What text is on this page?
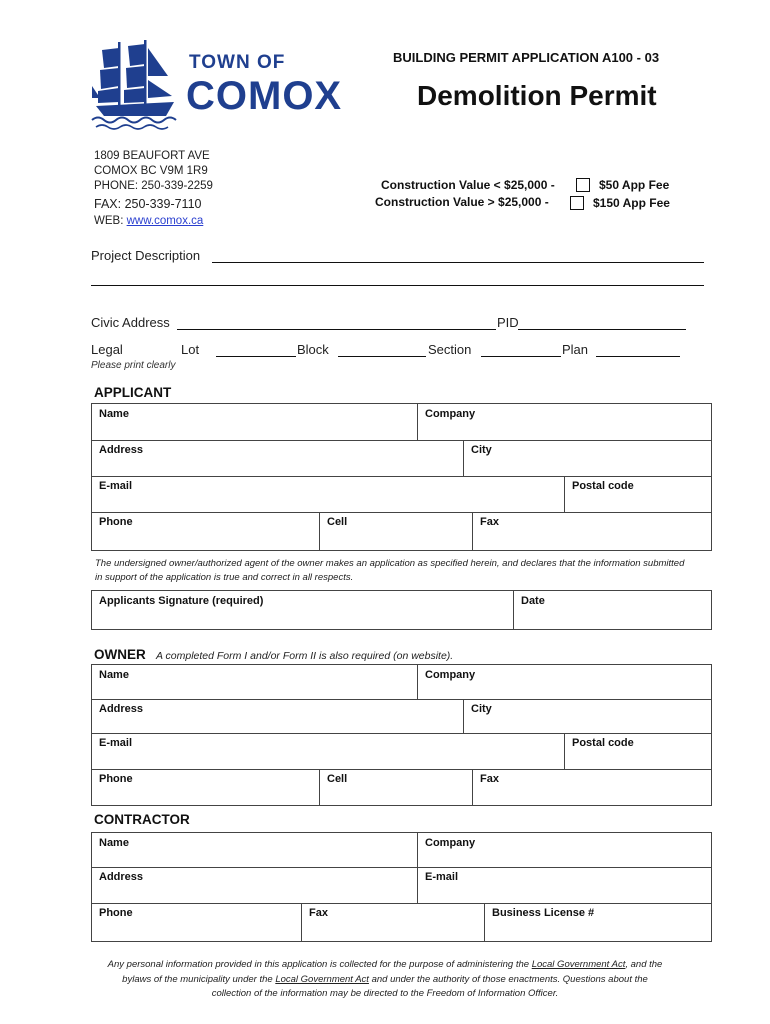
TOWN OF
COMOX
BUILDING PERMIT APPLICATION A100 - 03
Demolition Permit
1809 BEAUFORT AVE
COMOX BC V9M 1R9
PHONE: 250-339-2259
FAX: 250-339-7110
WEB: www.comox.ca
Construction Value < $25,000 -	$50 App Fee
Construction Value > $25,000 -	$150 App Fee
Project Description
Civic Address	PID
Legal	Lot	Block	Section	Plan
Please print clearly
APPLICANT
Name	Company
Address	City
E-mail	Postal code
Phone	Cell	Fax
The undersigned owner/authorized agent of the owner makes an application as specified herein, and declares that the information submitted
in support of the application is true and correct in all respects.
Applicants Signature (required)	Date
OWNER A completed Form I and/or Form II is also required (on website).
Name	Company
Address	City
E-mail	Postal code
Phone	Cell	Fax
CONTRACTOR
Name	Company
Address	E-mail
Phone	Fax	Business License #
Any personal information provided in this application is collected for the purpose of administering the Local Government Act, and the
bylaws of the municipality under the Local Government Act and under the authority of those enactments. Questions about the
collection of the information may be directed to the Freedom of Information Officer.
